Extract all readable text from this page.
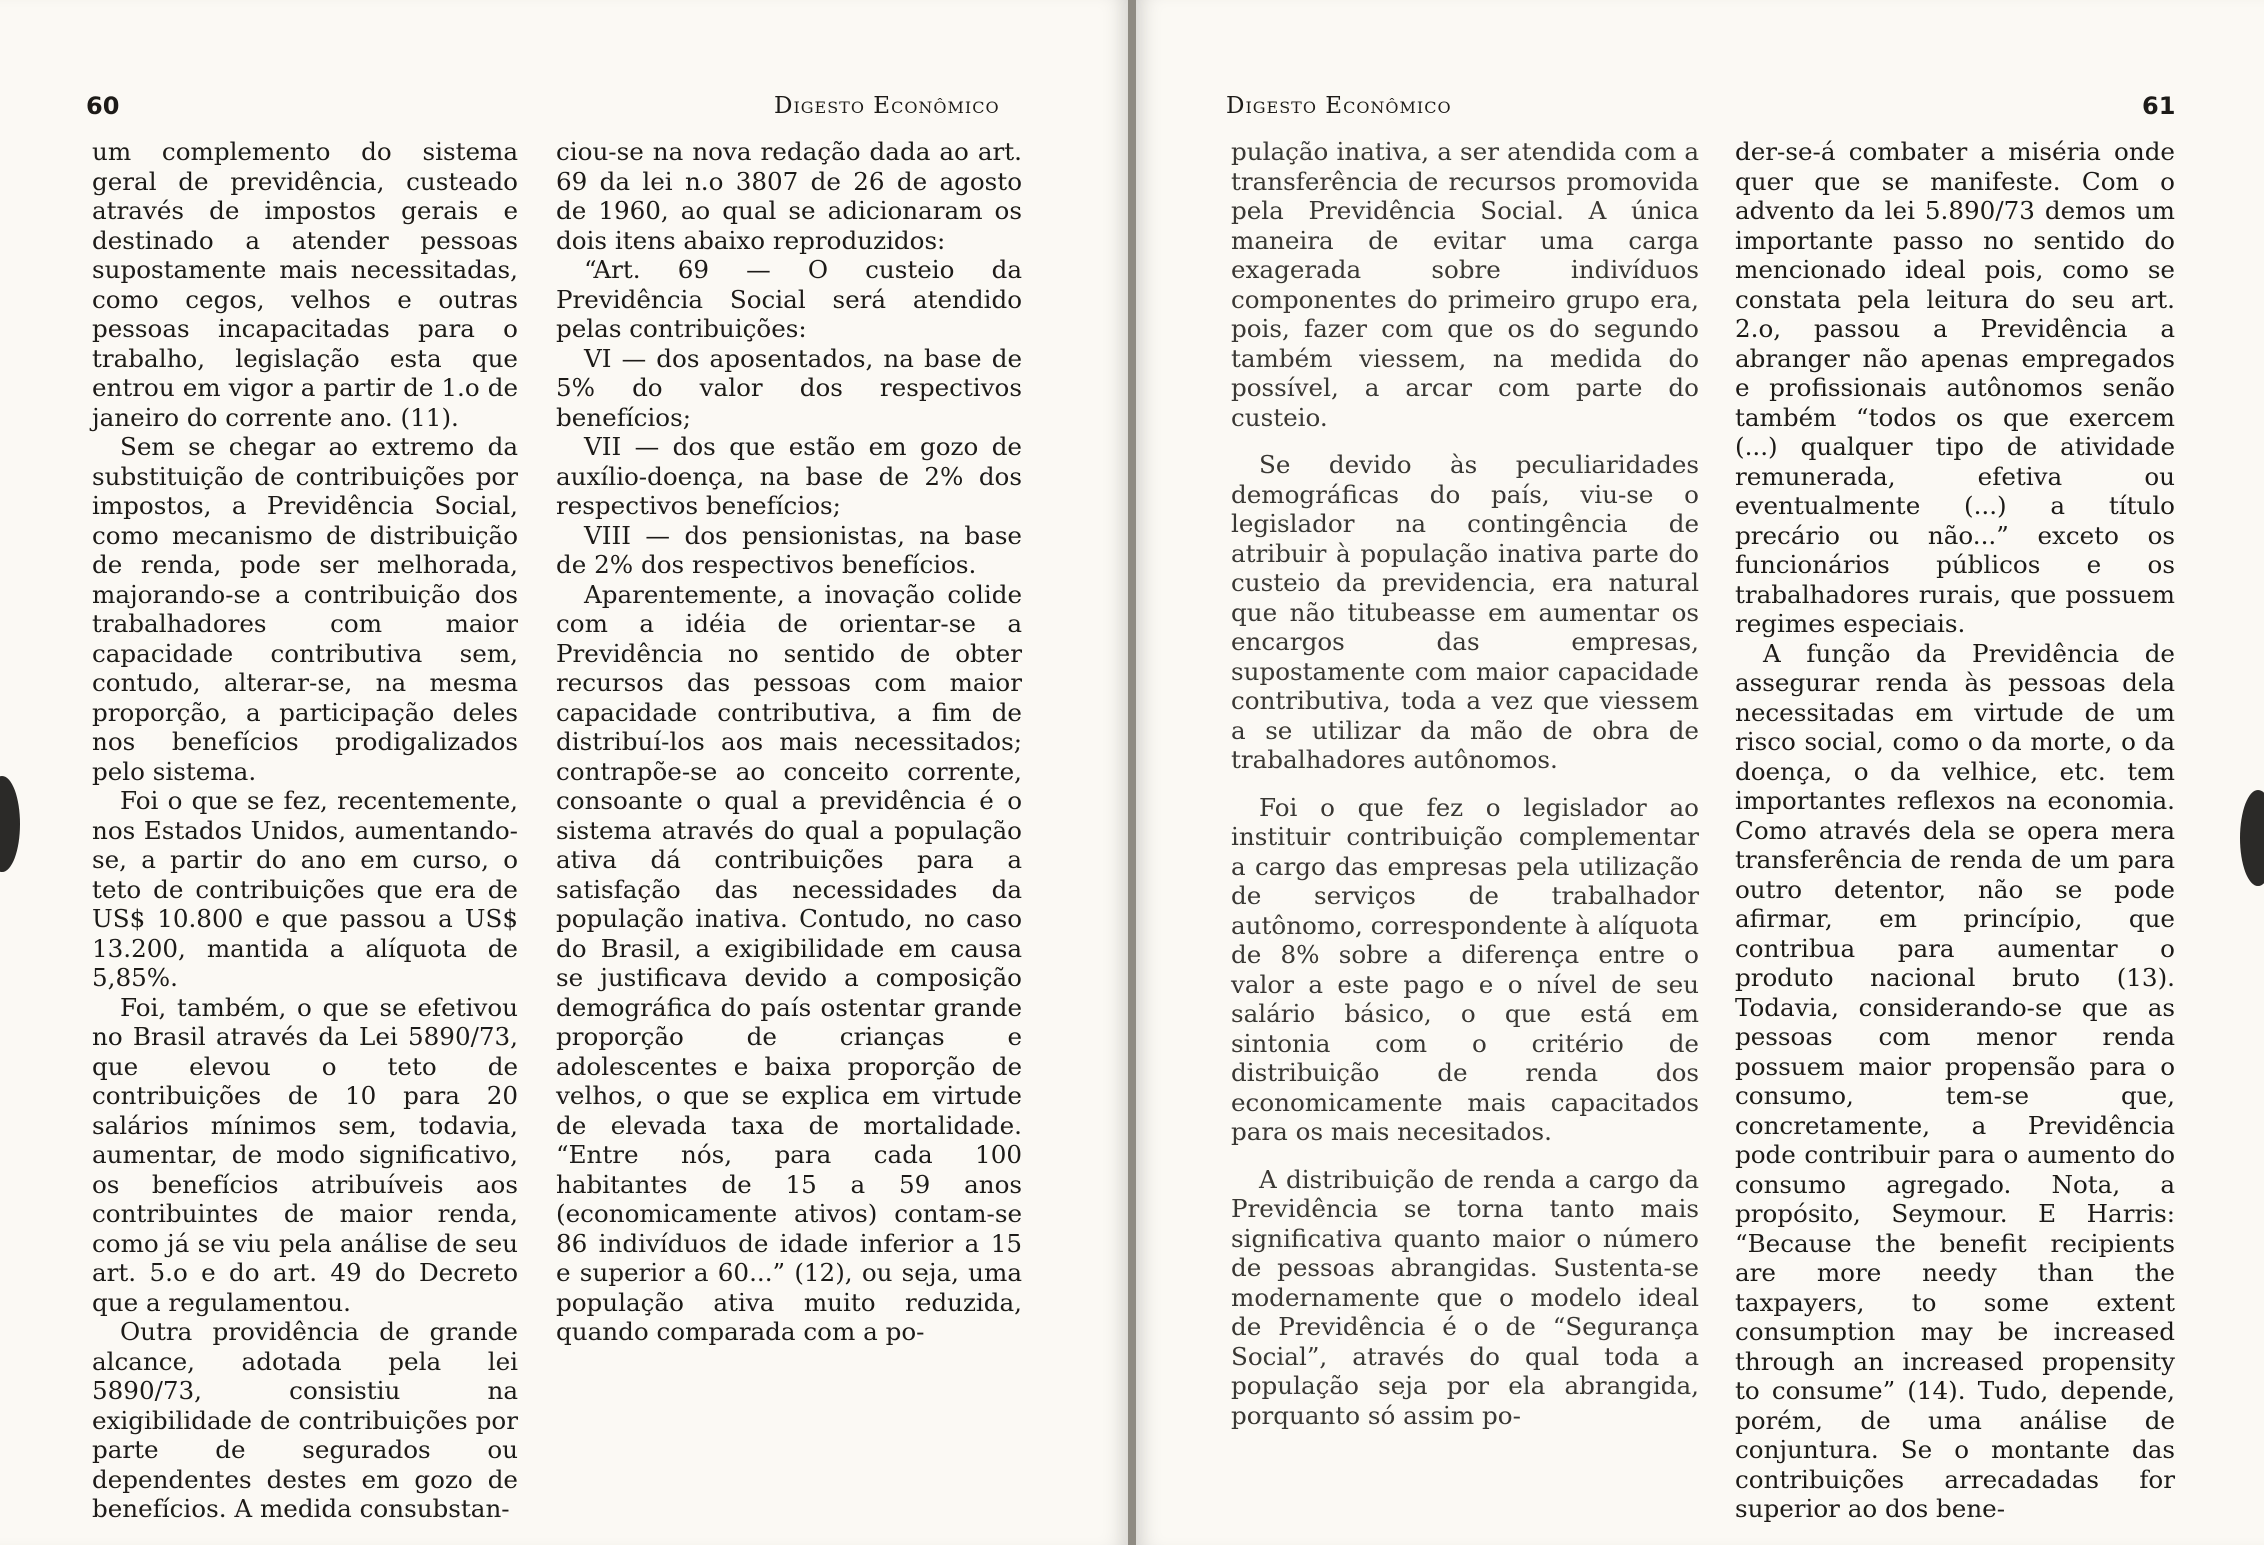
60	Digesto Econômico

um complemento do sistema geral de previdência, custeado através de impostos gerais e destinado a atender pessoas supostamente mais necessitadas, como cegos, velhos e outras pessoas incapacitadas para o trabalho, legislação esta que entrou em vigor a partir de 1.o de janeiro do corrente ano. (11).

Sem se chegar ao extremo da substituição de contribuições por impostos, a Previdência Social, como mecanismo de distribuição de renda, pode ser melhorada, majorando-se a contribuição dos trabalhadores com maior capacidade contributiva sem, contudo, alterar-se, na mesma proporção, a participação deles nos benefícios prodigalizados pelo sistema.

Foi o que se fez, recentemente, nos Estados Unidos, aumentando-se, a partir do ano em curso, o teto de contribuições que era de US$ 10.800 e que passou a US$ 13.200, mantida a alíquota de 5,85%.

Foi, também, o que se efetivou no Brasil através da Lei 5890/73, que elevou o teto de contribuições de 10 para 20 salários mínimos sem, todavia, aumentar, de modo significativo, os benefícios atribuíveis aos contribuintes de maior renda, como já se viu pela análise de seu art. 5.o e do art. 49 do Decreto que a regulamentou.

Outra providência de grande alcance, adotada pela lei 5890/73, consistiu na exigibilidade de contribuições por parte de segurados ou dependentes destes em gozo de benefícios. A medida consubstan-

ciou-se na nova redação dada ao art. 69 da lei n.o 3807 de 26 de agosto de 1960, ao qual se adicionaram os dois itens abaixo reproduzidos:

“Art. 69 — O custeio da Previdência Social será atendido pelas contribuições:

VI — dos aposentados, na base de 5% do valor dos respectivos benefícios;

VII — dos que estão em gozo de auxílio-doença, na base de 2% dos respectivos benefícios;

VIII — dos pensionistas, na base de 2% dos respectivos benefícios.

Aparentemente, a inovação colide com a idéia de orientar-se a Previdência no sentido de obter recursos das pessoas com maior capacidade contributiva, a fim de distribuí-los aos mais necessitados; contrapõe-se ao conceito corrente, consoante o qual a previdência é o sistema através do qual a população ativa dá contribuições para a satisfação das necessidades da população inativa. Contudo, no caso do Brasil, a exigibilidade em causa se justificava devido a composição demográfica do país ostentar grande proporção de crianças e adolescentes e baixa proporção de velhos, o que se explica em virtude de elevada taxa de mortalidade. “Entre nós, para cada 100 habitantes de 15 a 59 anos (economicamente ativos) contam-se 86 indivíduos de idade inferior a 15 e superior a 60...” (12), ou seja, uma população ativa muito reduzida, quando comparada com a po-

Digesto Econômico	61

pulação inativa, a ser atendida com a transferência de recursos promovida pela Previdência Social. A única maneira de evitar uma carga exagerada sobre indivíduos componentes do primeiro grupo era, pois, fazer com que os do segundo também viessem, na medida do possível, a arcar com parte do custeio.

Se devido às peculiaridades demográficas do país, viu-se o legislador na contingência de atribuir à população inativa parte do custeio da previdencia, era natural que não titubeasse em aumentar os encargos das empresas, supostamente com maior capacidade contributiva, toda a vez que viessem a se utilizar da mão de obra de trabalhadores autônomos.

Foi o que fez o legislador ao instituir contribuição complementar a cargo das empresas pela utilização de serviços de trabalhador autônomo, correspondente à alíquota de 8% sobre a diferença entre o valor a este pago e o nível de seu salário básico, o que está em sintonia com o critério de distribuição de renda dos economicamente mais capacitados para os mais necesitados.

A distribuição de renda a cargo da Previdência se torna tanto mais significativa quanto maior o número de pessoas abrangidas. Sustenta-se modernamente que o modelo ideal de Previdência é o de “Segurança Social”, através do qual toda a população seja por ela abrangida, porquanto só assim po-

der-se-á combater a miséria onde quer que se manifeste. Com o advento da lei 5.890/73 demos um importante passo no sentido do mencionado ideal pois, como se constata pela leitura do seu art. 2.o, passou a Previdência a abranger não apenas empregados e profissionais autônomos senão também “todos os que exercem (...) qualquer tipo de atividade remunerada, efetiva ou eventualmente (...) a título precário ou não...” exceto os funcionários públicos e os trabalhadores rurais, que possuem regimes especiais.

A função da Previdência de assegurar renda às pessoas dela necessitadas em virtude de um risco social, como o da morte, o da doença, o da velhice, etc. tem importantes reflexos na economia. Como através dela se opera mera transferência de renda de um para outro detentor, não se pode afirmar, em princípio, que contribua para aumentar o produto nacional bruto (13). Todavia, considerando-se que as pessoas com menor renda possuem maior propensão para o consumo, tem-se que, concretamente, a Previdência pode contribuir para o aumento do consumo agregado. Nota, a propósito, Seymour. E Harris: “Because the benefit recipients are more needy than the taxpayers, to some extent consumption may be increased through an increased propensity to consume” (14). Tudo, depende, porém, de uma análise de conjuntura. Se o montante das contribuições arrecadadas for superior ao dos bene-
